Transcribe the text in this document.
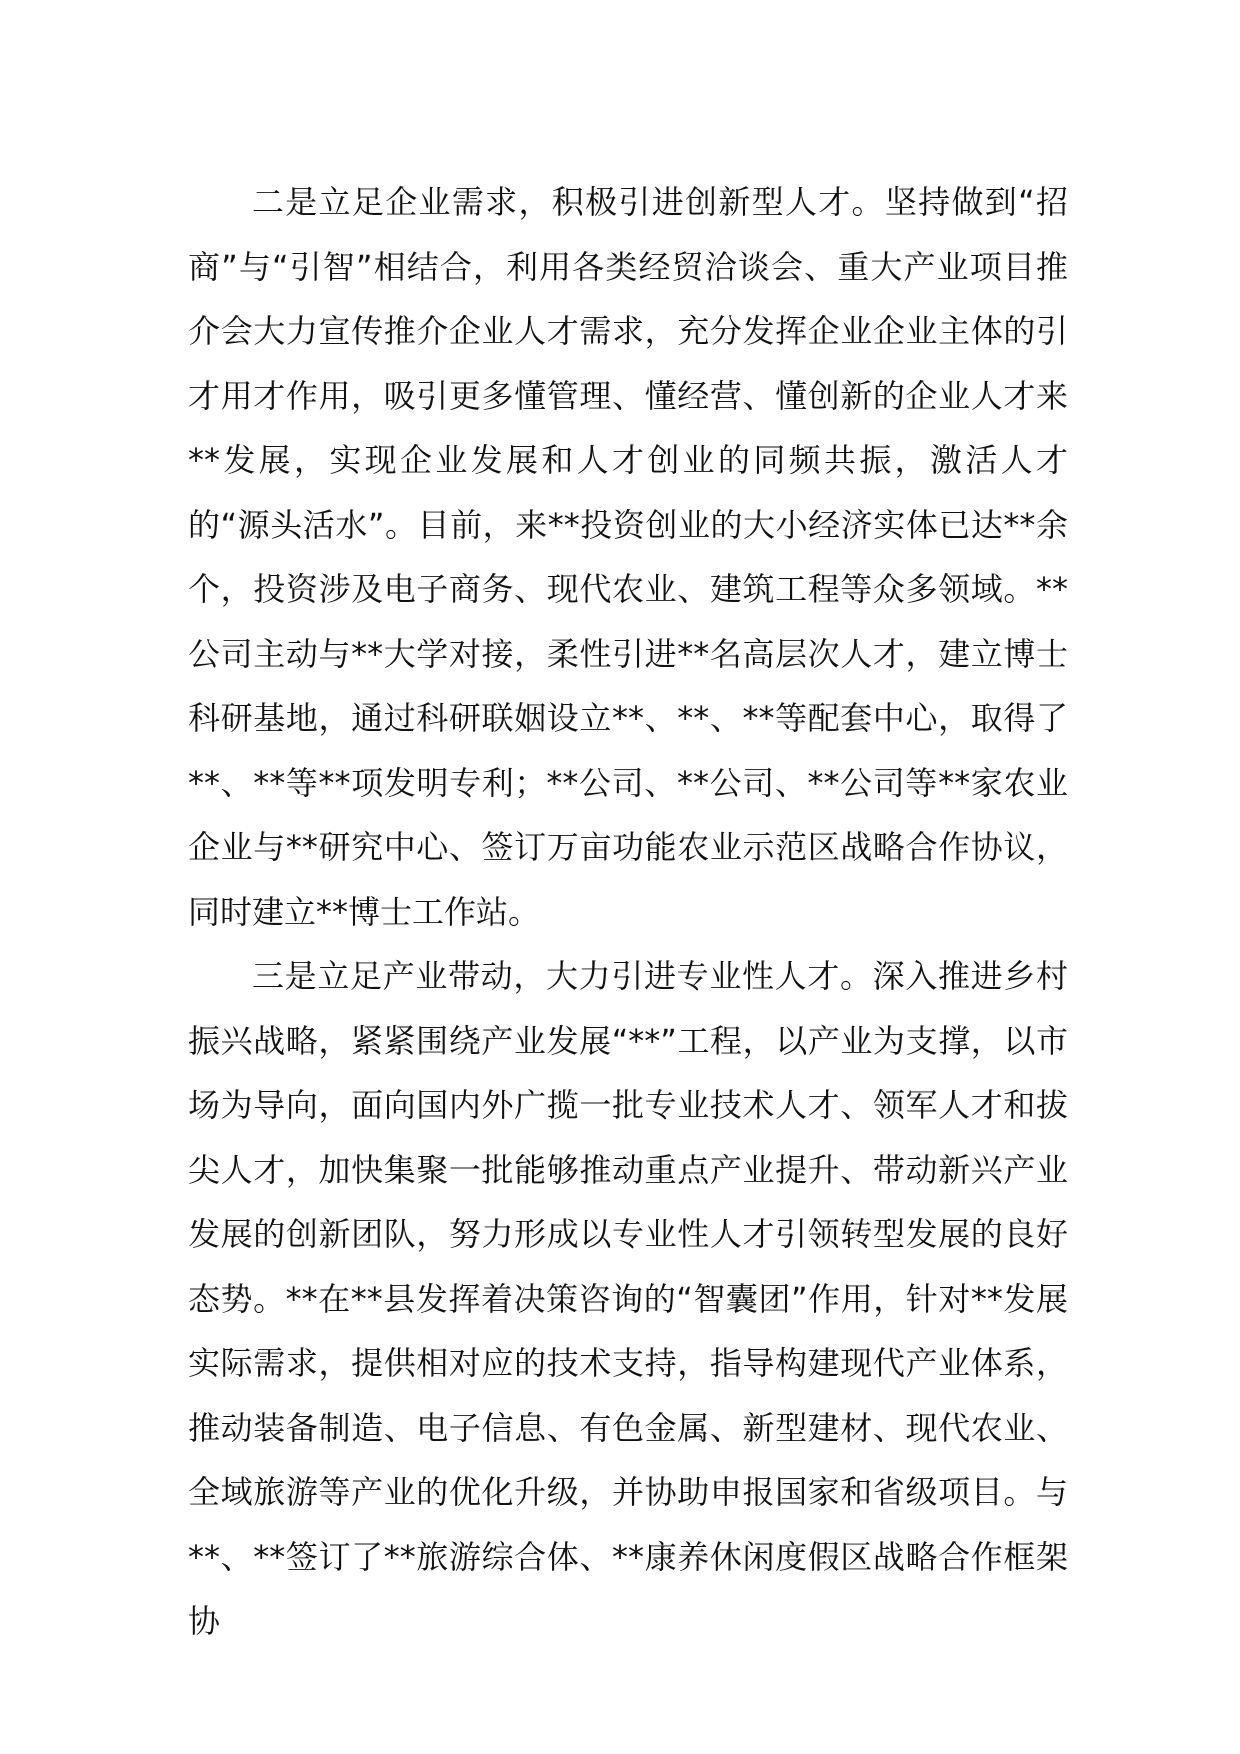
二是立足企业需求，积极引进创新型人才。坚持做到“招商”与“引智”相结合，利用各类经贸洽谈会、重大产业项目推介会大力宣传推介企业人才需求，充分发挥企业企业主体的引才用才作用，吸引更多懂管理、懂经营、懂创新的企业人才来**发展，实现企业发展和人才创业的同频共振，激活人才的“源头活水”。目前，来**投资创业的大小经济实体已达**余个，投资涉及电子商务、现代农业、建筑工程等众多领域。**公司主动与**大学对接，柔性引进**名高层次人才，建立博士科研基地，通过科研联姻设立**、**、**等配套中心，取得了**、**等**项发明专利；**公司、**公司、**公司等**家农业企业与**研究中心、签订万亩功能农业示范区战略合作协议，同时建立**博士工作站。

三是立足产业带动，大力引进专业性人才。深入推进乡村振兴战略，紧紧围绕产业发展“**”工程，以产业为支撑，以市场为导向，面向国内外广揽一批专业技术人才、领军人才和拔尖人才，加快集聚一批能够推动重点产业提升、带动新兴产业发展的创新团队，努力形成以专业性人才引领转型发展的良好态势。**在**县发挥着决策咨询的“智囊团”作用，针对**发展实际需求，提供相对应的技术支持，指导构建现代产业体系，推动装备制造、电子信息、有色金属、新型建材、现代农业、全域旅游等产业的优化升级，并协助申报国家和省级项目。与**、**签订了**旅游综合体、**康养休闲度假区战略合作框架协
